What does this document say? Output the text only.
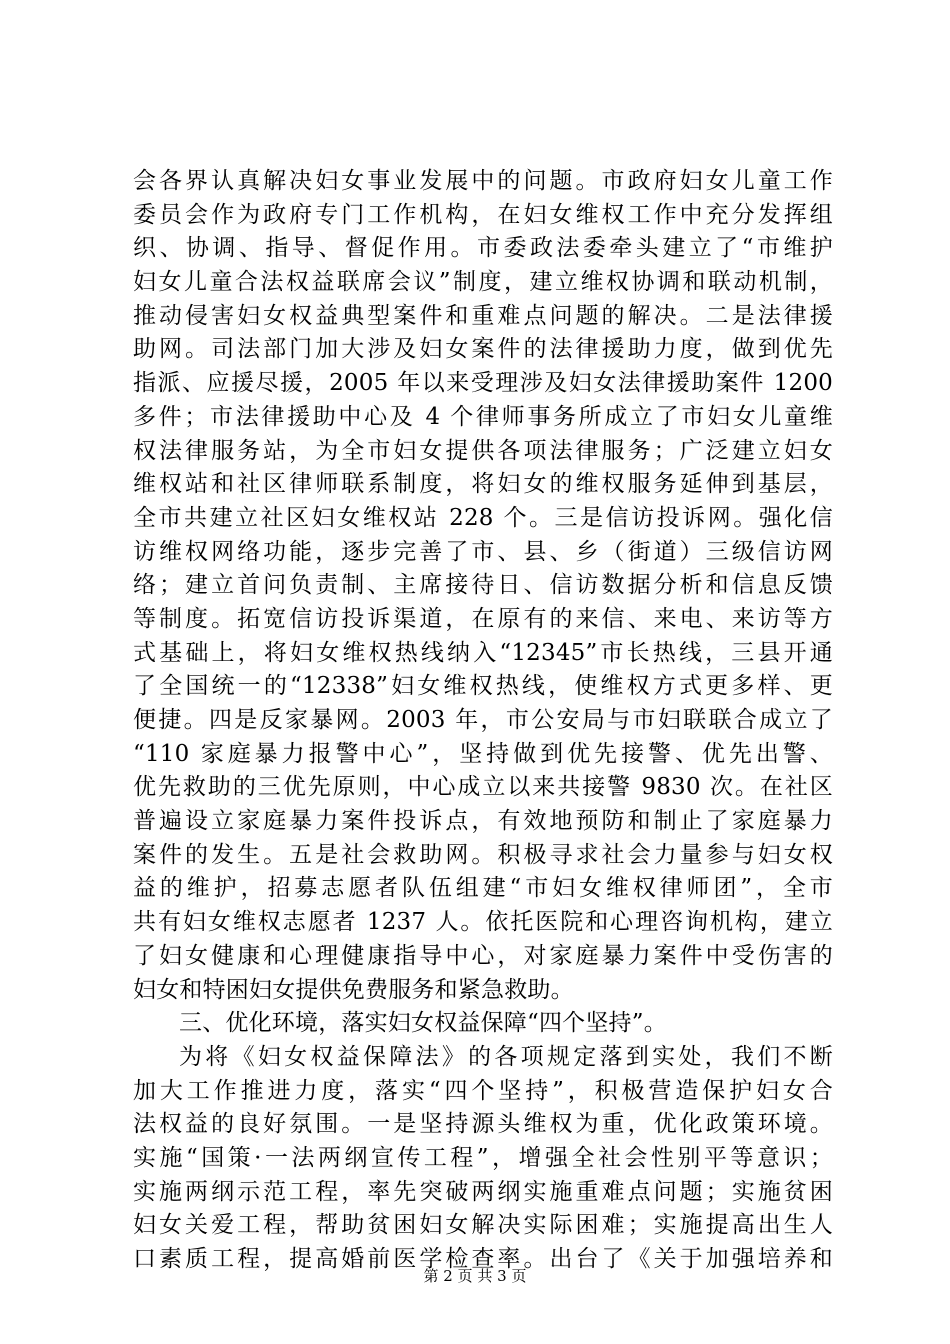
会各界认真解决妇女事业发展中的问题。市政府妇女儿童工作
委员会作为政府专门工作机构，在妇女维权工作中充分发挥组
织、协调、指导、督促作用。市委政法委牵头建立了“市维护
妇女儿童合法权益联席会议”制度，建立维权协调和联动机制，
推动侵害妇女权益典型案件和重难点问题的解决。二是法律援
助网。司法部门加大涉及妇女案件的法律援助力度，做到优先
指派、应援尽援，2005 年以来受理涉及妇女法律援助案件 1200
多件；市法律援助中心及 4 个律师事务所成立了市妇女儿童维
权法律服务站，为全市妇女提供各项法律服务；广泛建立妇女
维权站和社区律师联系制度，将妇女的维权服务延伸到基层，
全市共建立社区妇女维权站 228 个。三是信访投诉网。强化信
访维权网络功能，逐步完善了市、县、乡（街道）三级信访网
络；建立首问负责制、主席接待日、信访数据分析和信息反馈
等制度。拓宽信访投诉渠道，在原有的来信、来电、来访等方
式基础上，将妇女维权热线纳入“12345”市长热线，三县开通
了全国统一的“12338”妇女维权热线，使维权方式更多样、更
便捷。四是反家暴网。2003 年，市公安局与市妇联联合成立了
“110 家庭暴力报警中心”，坚持做到优先接警、优先出警、
优先救助的三优先原则，中心成立以来共接警 9830 次。在社区
普遍设立家庭暴力案件投诉点，有效地预防和制止了家庭暴力
案件的发生。五是社会救助网。积极寻求社会力量参与妇女权
益的维护，招募志愿者队伍组建“市妇女维权律师团”，全市
共有妇女维权志愿者 1237 人。依托医院和心理咨询机构，建立
了妇女健康和心理健康指导中心，对家庭暴力案件中受伤害的
妇女和特困妇女提供免费服务和紧急救助。
三、优化环境，落实妇女权益保障“四个坚持”。
为将《妇女权益保障法》的各项规定落到实处，我们不断
加大工作推进力度，落实“四个坚持”，积极营造保护妇女合
法权益的良好氛围。一是坚持源头维权为重，优化政策环境。
实施“国策·一法两纲宣传工程”，增强全社会性别平等意识；
实施两纲示范工程，率先突破两纲实施重难点问题；实施贫困
妇女关爱工程，帮助贫困妇女解决实际困难；实施提高出生人
口素质工程，提高婚前医学检查率。出台了《关于加强培养和
第 2 页 共 3 页
